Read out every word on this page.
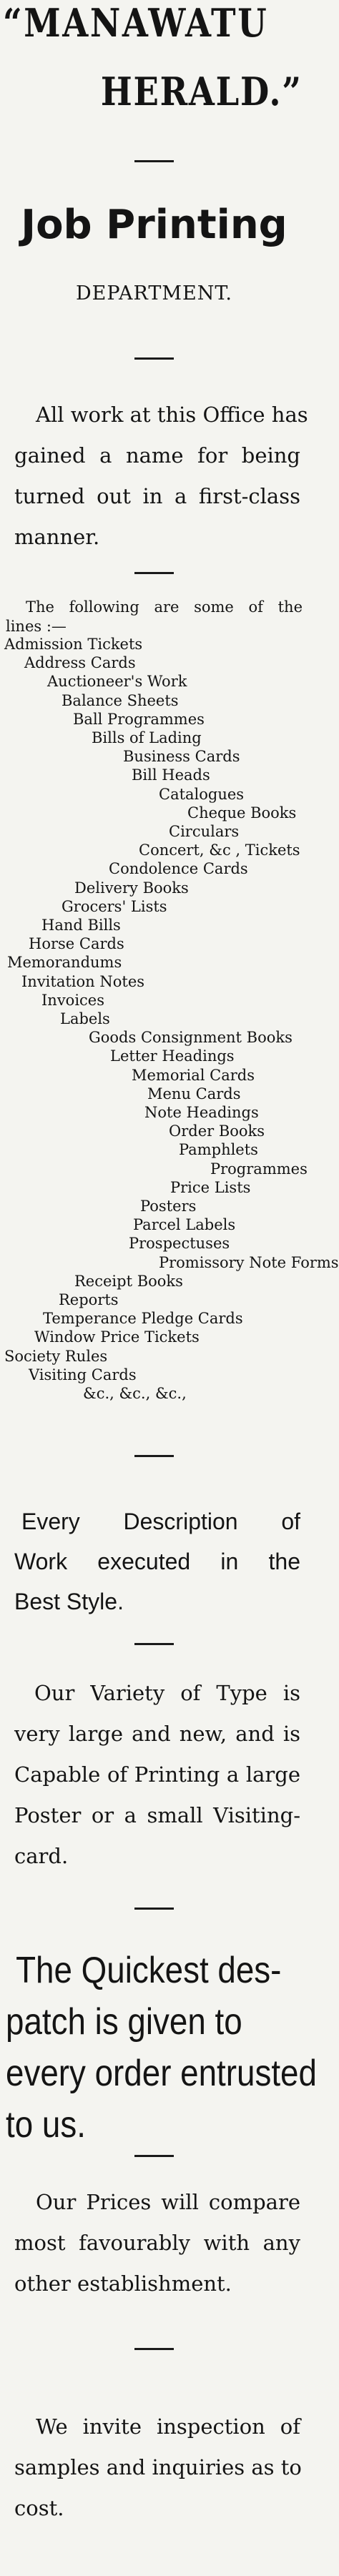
“MANAWATU
HERALD.”
Job Printing
DEPARTMENT.
All work at this Office has
gained a name for being
turned out in a first-class
manner.
The following are some of the
lines :—
Admission Tickets
Address Cards
Auctioneer's Work
Balance Sheets
Ball Programmes
Bills of Lading
Business Cards
Bill Heads
Catalogues
Cheque Books
Circulars
Concert, &c , Tickets
Condolence Cards
Delivery Books
Grocers' Lists
Hand Bills
Horse Cards
Memorandums
Invitation Notes
Invoices
Labels
Goods Consignment Books
Letter Headings
Memorial Cards
Menu Cards
Note Headings
Order Books
Pamphlets
Programmes
Price Lists
Posters
Parcel Labels
Prospectuses
Promissory Note Forms
Receipt Books
Reports
Temperance Pledge Cards
Window Price Tickets
Society Rules
Visiting Cards
&c., &c., &c.,
Every Description of
Work executed in the
Best Style.
Our Variety of Type is
very large and new, and is
Capable of Printing a large
Poster or a small Visiting-
card.
The Quickest des-
patch is given to
every order entrusted
to us.
Our Prices will compare
most favourably with any
other establishment.
We invite inspection of
samples and inquiries as to
cost.
